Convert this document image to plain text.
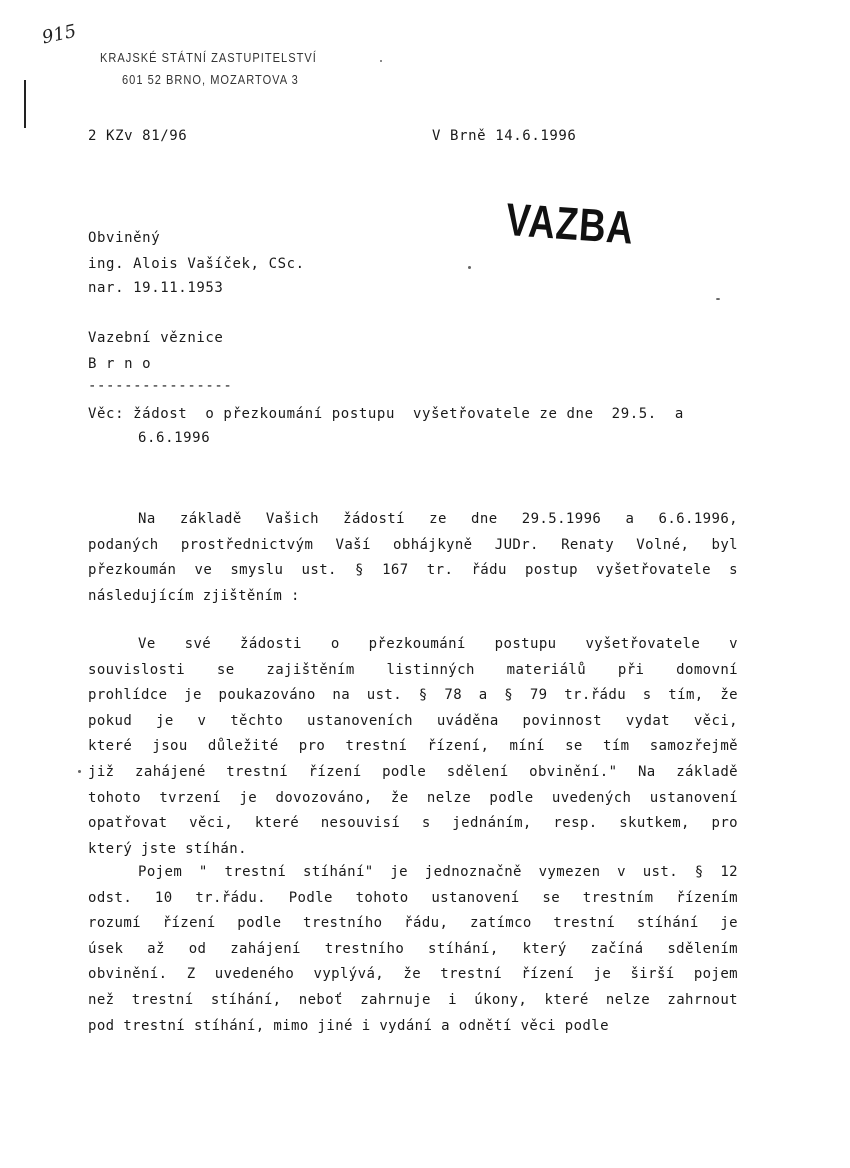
915
KRAJSKÉ STÁTNÍ ZASTUPITELSTVÍ
601 52 BRNO, MOZARTOVA 3
2 KZv 81/96	V Brně 14.6.1996
VAZBA
Obviněný
ing. Alois Vašíček, CSc.
nar. 19.11.1953
Vazební věznice
B r n o
----------------
Věc: žádost  o přezkoumání postupu  vyšetřovatele ze dne  29.5.  a
6.6.1996
Na základě Vašich žádostí ze dne 29.5.1996 a 6.6.1996,
podaných prostřednictvým Vaší obhájkyně JUDr. Renaty Volné, byl
přezkoumán ve smyslu ust. § 167 tr. řádu postup vyšetřovatele s
následujícím zjištěním :
Ve své žádosti o přezkoumání postupu vyšetřovatele v
souvislosti se zajištěním listinných materiálů při domovní
prohlídce je poukazováno na ust. § 78 a § 79 tr.řádu s tím, že
pokud je v těchto ustanoveních uváděna povinnost vydat věci,
které jsou důležité pro trestní řízení, míní se tím samozřejmě
již zahájené trestní řízení podle sdělení obvinění." Na základě
tohoto tvrzení je dovozováno, že nelze podle uvedených ustanovení
opatřovat věci, které nesouvisí s jednáním, resp. skutkem, pro
který jste stíhán.
Pojem " trestní stíhání" je jednoznačně vymezen v ust. § 12
odst. 10 tr.řádu. Podle tohoto ustanovení se trestním řízením
rozumí řízení podle trestního řádu, zatímco trestní stíhání je
úsek až od zahájení trestního stíhání, který začíná sdělením
obvinění. Z uvedeného vyplývá, že trestní řízení je širší pojem
než trestní stíhání, neboť zahrnuje i úkony, které nelze zahrnout
pod trestní stíhání, mimo jiné i vydání a odnětí věci podle
